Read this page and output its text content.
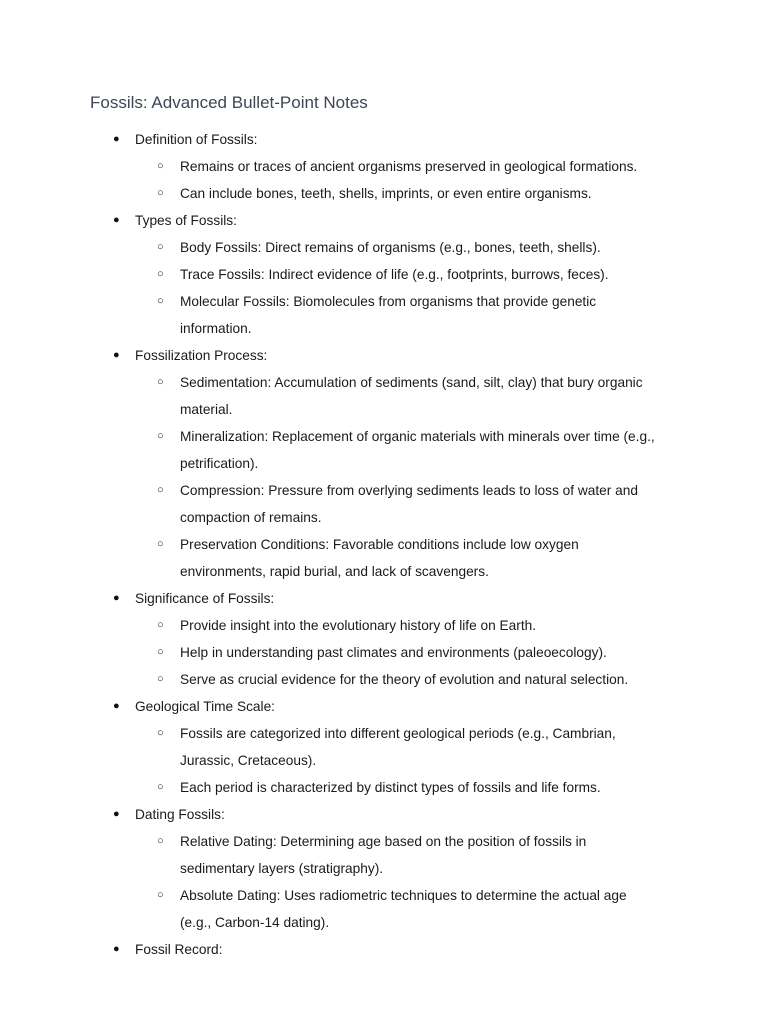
Fossils: Advanced Bullet-Point Notes
● Definition of Fossils:
○ Remains or traces of ancient organisms preserved in geological formations.
○ Can include bones, teeth, shells, imprints, or even entire organisms.
● Types of Fossils:
○ Body Fossils: Direct remains of organisms (e.g., bones, teeth, shells).
○ Trace Fossils: Indirect evidence of life (e.g., footprints, burrows, feces).
○ Molecular Fossils: Biomolecules from organisms that provide genetic information.
● Fossilization Process:
○ Sedimentation: Accumulation of sediments (sand, silt, clay) that bury organic material.
○ Mineralization: Replacement of organic materials with minerals over time (e.g., petrification).
○ Compression: Pressure from overlying sediments leads to loss of water and compaction of remains.
○ Preservation Conditions: Favorable conditions include low oxygen environments, rapid burial, and lack of scavengers.
● Significance of Fossils:
○ Provide insight into the evolutionary history of life on Earth.
○ Help in understanding past climates and environments (paleoecology).
○ Serve as crucial evidence for the theory of evolution and natural selection.
● Geological Time Scale:
○ Fossils are categorized into different geological periods (e.g., Cambrian, Jurassic, Cretaceous).
○ Each period is characterized by distinct types of fossils and life forms.
● Dating Fossils:
○ Relative Dating: Determining age based on the position of fossils in sedimentary layers (stratigraphy).
○ Absolute Dating: Uses radiometric techniques to determine the actual age (e.g., Carbon-14 dating).
● Fossil Record:
